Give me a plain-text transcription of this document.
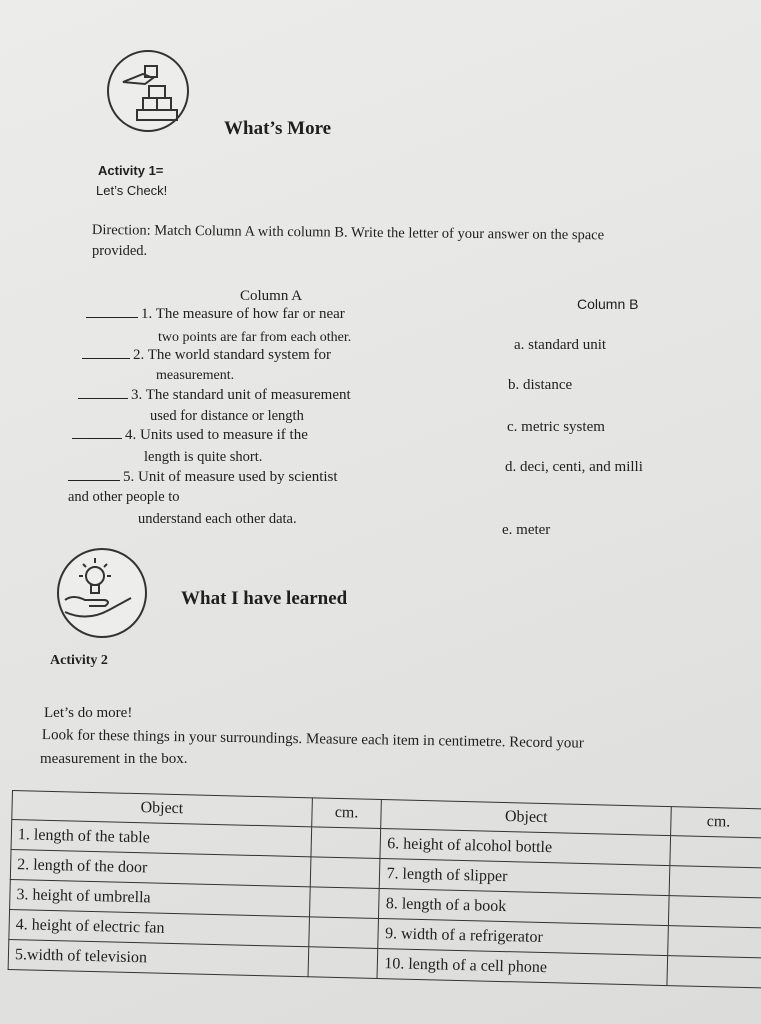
What’s More
Activity 1=
Let’s Check!
Direction: Match Column A with column B. Write the letter of your answer on the space
provided.
Column A
1. The measure of how far or near
two points are far from each other.
2. The world standard system for
measurement.
3. The standard unit of measurement
used for distance or length
4. Units used to measure if the
length is quite short.
5. Unit of measure used by scientist
and other people to
understand each other data.
Column B
a. standard unit
b. distance
c. metric system
d. deci, centi, and milli
e. meter
What I have learned
Activity 2
Let’s do more!
Look for these things in your surroundings. Measure each item in centimetre. Record your
measurement in the box.
Object	cm.	Object	cm.
1. length of the table		6. height of alcohol bottle	
2. length of the door		7. length of slipper	
3. height of umbrella		8. length of a book	
4. height of electric fan		9. width of a refrigerator	
5.width of television		10. length of a cell phone	
